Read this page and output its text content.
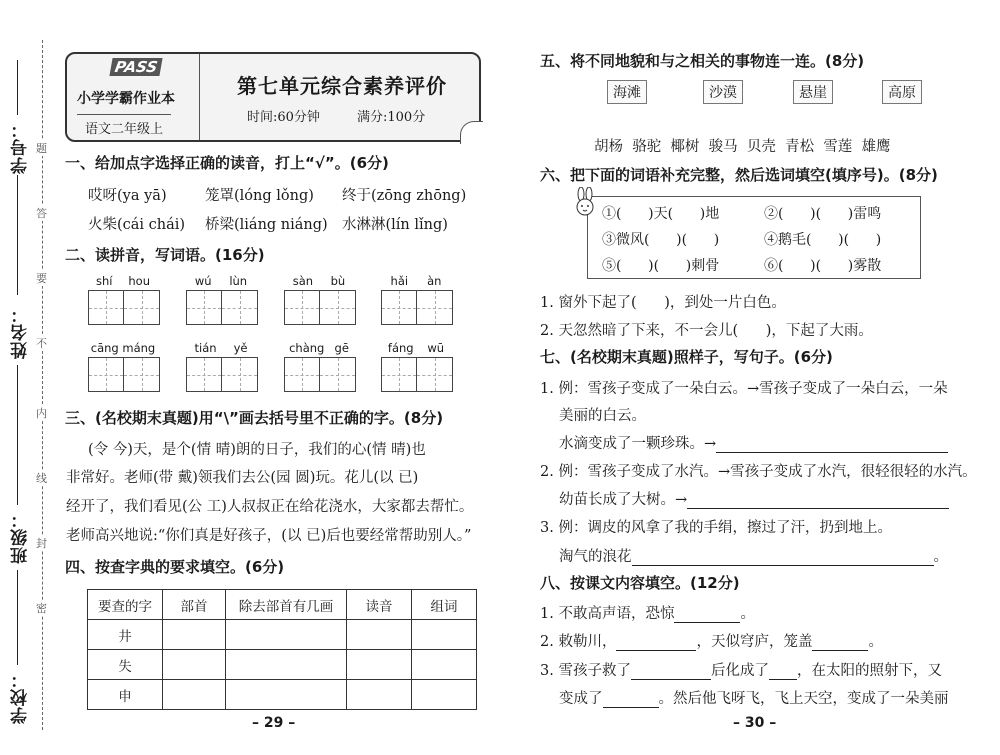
学号：
姓名：
班级：
学校：
题
答
要
不
内
线
封
密
PASS
小学学霸作业本
语文二年级上
第七单元综合素养评价
时间:60分钟	满分:100分
一、给加点字选择正确的读音，打上“√”。(6分)
哎呀(ya yā)	笼罩(lóng lǒng) 终于(zōng zhōng)
火柴(cái chái) 桥梁(liáng niáng) 水淋淋(lín lǐng)
二、读拼音，写词语。(16分)
shí hou	wú lùn	sàn bù	hǎi àn
cāng máng	tián yě	chàng gē	fáng wū
三、(名校期末真题)用“\”画去括号里不正确的字。(8分)
(令 今)天，是个(情 晴)朗的日子，我们的心(情 晴)也
非常好。老师(带 戴)领我们去公(园 圆)玩。花儿(以 已)
经开了，我们看见(公 工)人叔叔正在给花浇水，大家都去帮忙。
老师高兴地说:“你们真是好孩子，(以 已)后也要经常帮助别人。”
四、按查字典的要求填空。(6分)
要查的字	部首	除去部首有几画	读音	组词
井				
失				
申				
– 29 –
五、将不同地貌和与之相关的事物连一连。(8分)
海滩	沙漠	悬崖	高原
胡杨  骆驼  椰树  骏马  贝壳  青松  雪莲  雄鹰
六、把下面的词语补充完整，然后选词填空(填序号)。(8分)
①(      )天(      )地	②(      )(      )雷鸣
③微风(      )(      )	④鹅毛(      )(      )
⑤(      )(      )刺骨	⑥(      )(      )雾散
1. 窗外下起了(      )，到处一片白色。
2. 天忽然暗了下来，不一会儿(      )，下起了大雨。
七、(名校期末真题)照样子，写句子。(6分)
1. 例：雪孩子变成了一朵白云。→雪孩子变成了一朵白云，一朵
美丽的白云。
水滴变成了一颗珍珠。→
2. 例：雪孩子变成了水汽。→雪孩子变成了水汽，很轻很轻的水汽。
幼苗长成了大树。→
3. 例：调皮的风拿了我的手绢，擦过了汗，扔到地上。
淘气的浪花	。
八、按课文内容填空。(12分)
1. 不敢高声语，恐惊	。
2. 敕勒川，	，天似穹庐，笼盖	。
3. 雪孩子救了	后化成了 ，在太阳的照射下，又
变成了	。然后他飞呀飞，飞上天空，变成了一朵美丽
– 30 –
